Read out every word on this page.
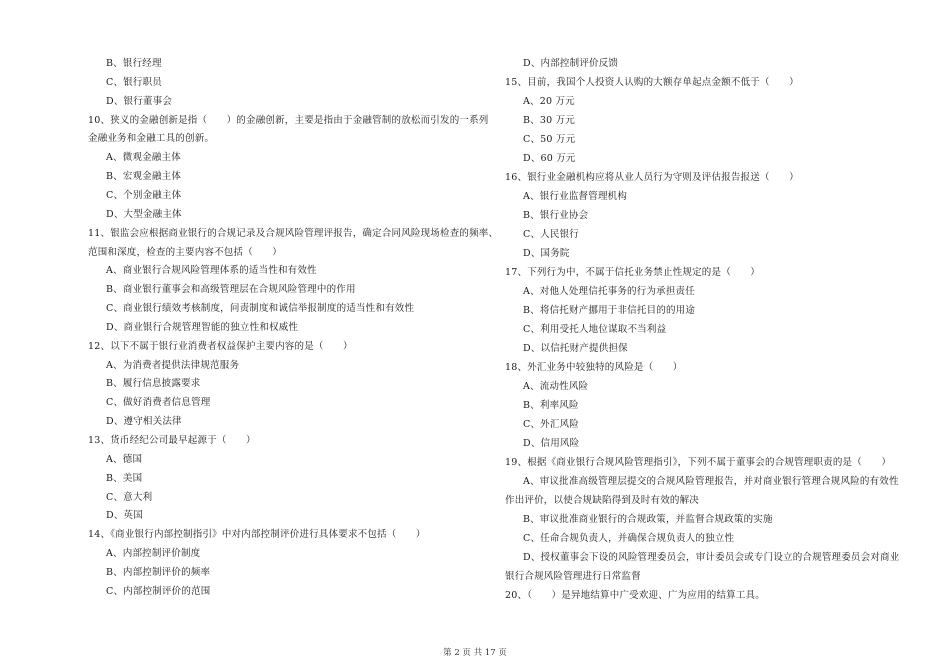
B、银行经理
C、银行职员
D、银行董事会
10、狭义的金融创新是指（　　）的金融创新，主要是指由于金融管制的放松而引发的一系列
金融业务和金融工具的创新。
A、微观金融主体
B、宏观金融主体
C、个别金融主体
D、大型金融主体
11、银监会应根据商业银行的合规记录及合规风险管理评报告，确定合同风险现场检查的频率、
范围和深度，检查的主要内容不包括（　　）
A、商业银行合规风险管理体系的适当性和有效性
B、商业银行董事会和高级管理层在合规风险管理中的作用
C、商业银行绩效考核制度，问责制度和诚信举报制度的适当性和有效性
D、商业银行合规管理智能的独立性和权威性
12、以下不属于银行业消费者权益保护主要内容的是（　　）
A、为消费者提供法律规范服务
B、履行信息披露要求
C、做好消费者信息管理
D、遵守相关法律
13、货币经纪公司最早起源于（　　）
A、德国
B、美国
C、意大利
D、英国
14、《商业银行内部控制指引》中对内部控制评价进行具体要求不包括（　　）
A、内部控制评价制度
B、内部控制评价的频率
C、内部控制评价的范围
D、内部控制评价反馈
15、目前，我国个人投资人认购的大额存单起点金额不低于（　　）
A、20 万元
B、30 万元
C、50 万元
D、60 万元
16、银行业金融机构应将从业人员行为守则及评估报告报送（　　）
A、银行业监督管理机构
B、银行业协会
C、人民银行
D、国务院
17、下列行为中，不属于信托业务禁止性规定的是（　　）
A、对他人处理信托事务的行为承担责任
B、将信托财产挪用于非信托目的的用途
C、利用受托人地位谋取不当利益
D、以信托财产提供担保
18、外汇业务中较独特的风险是（　　）
A、流动性风险
B、利率风险
C、外汇风险
D、信用风险
19、根据《商业银行合规风险管理指引》，下列不属于董事会的合规管理职责的是（　　）
A、审议批准高级管理层提交的合规风险管理报告，并对商业银行管理合规风险的有效性
作出评价，以使合规缺陷得到及时有效的解决
B、审议批准商业银行的合规政策，并监督合规政策的实施
C、任命合规负责人，并确保合规负责人的独立性
D、授权董事会下设的风险管理委员会，审计委员会或专门设立的合规管理委员会对商业
银行合规风险管理进行日常监督
20、（　　）是异地结算中广受欢迎、广为应用的结算工具。
第 2 页 共 17 页
